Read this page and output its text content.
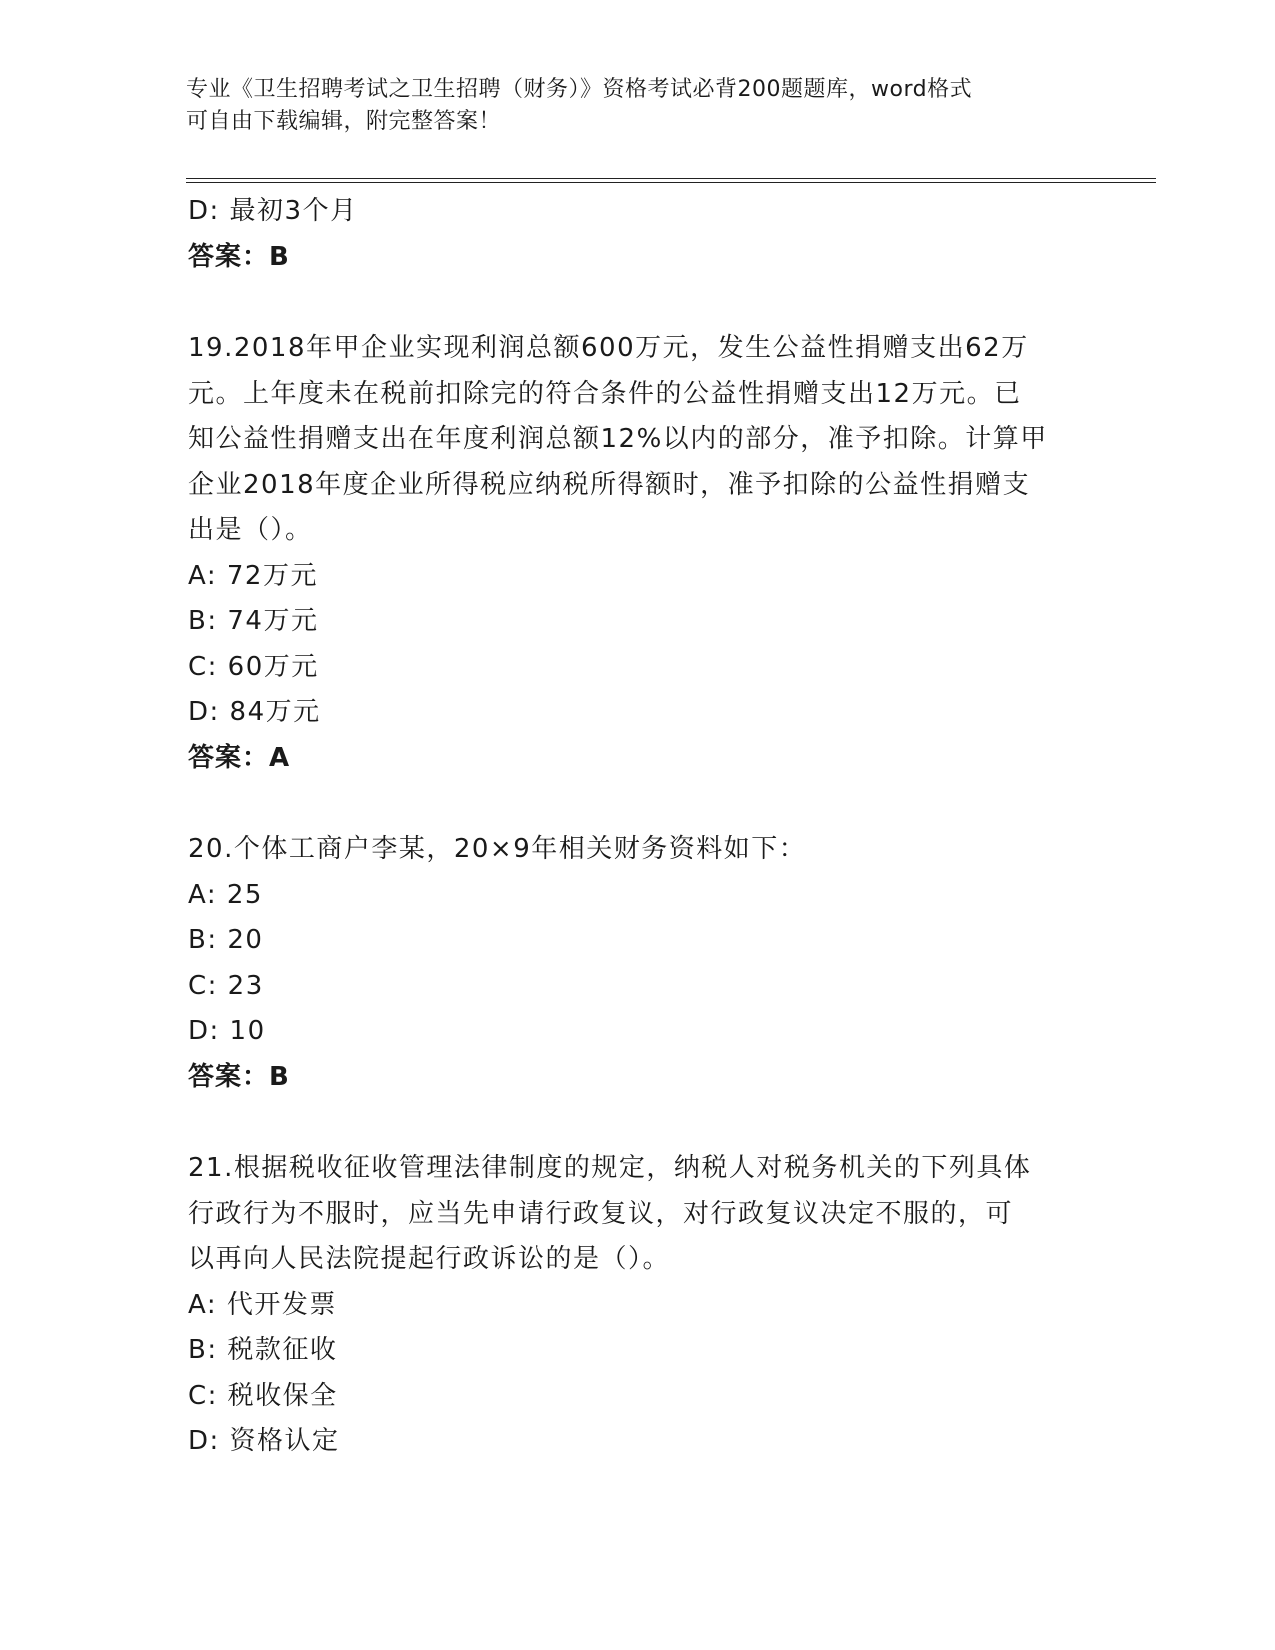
专业《卫生招聘考试之卫生招聘（财务）》资格考试必背200题题库，word格式
可自由下载编辑，附完整答案！
D: 最初3个月
答案：B
19.2018年甲企业实现利润总额600万元，发生公益性捐赠支出62万
元。上年度未在税前扣除完的符合条件的公益性捐赠支出12万元。已
知公益性捐赠支出在年度利润总额12%以内的部分，准予扣除。计算甲
企业2018年度企业所得税应纳税所得额时，准予扣除的公益性捐赠支
出是（）。
A: 72万元
B: 74万元
C: 60万元
D: 84万元
答案：A
20.个体工商户李某，20×9年相关财务资料如下：
A: 25
B: 20
C: 23
D: 10
答案：B
21.根据税收征收管理法律制度的规定，纳税人对税务机关的下列具体
行政行为不服时，应当先申请行政复议，对行政复议决定不服的，可
以再向人民法院提起行政诉讼的是（）。
A: 代开发票
B: 税款征收
C: 税收保全
D: 资格认定
